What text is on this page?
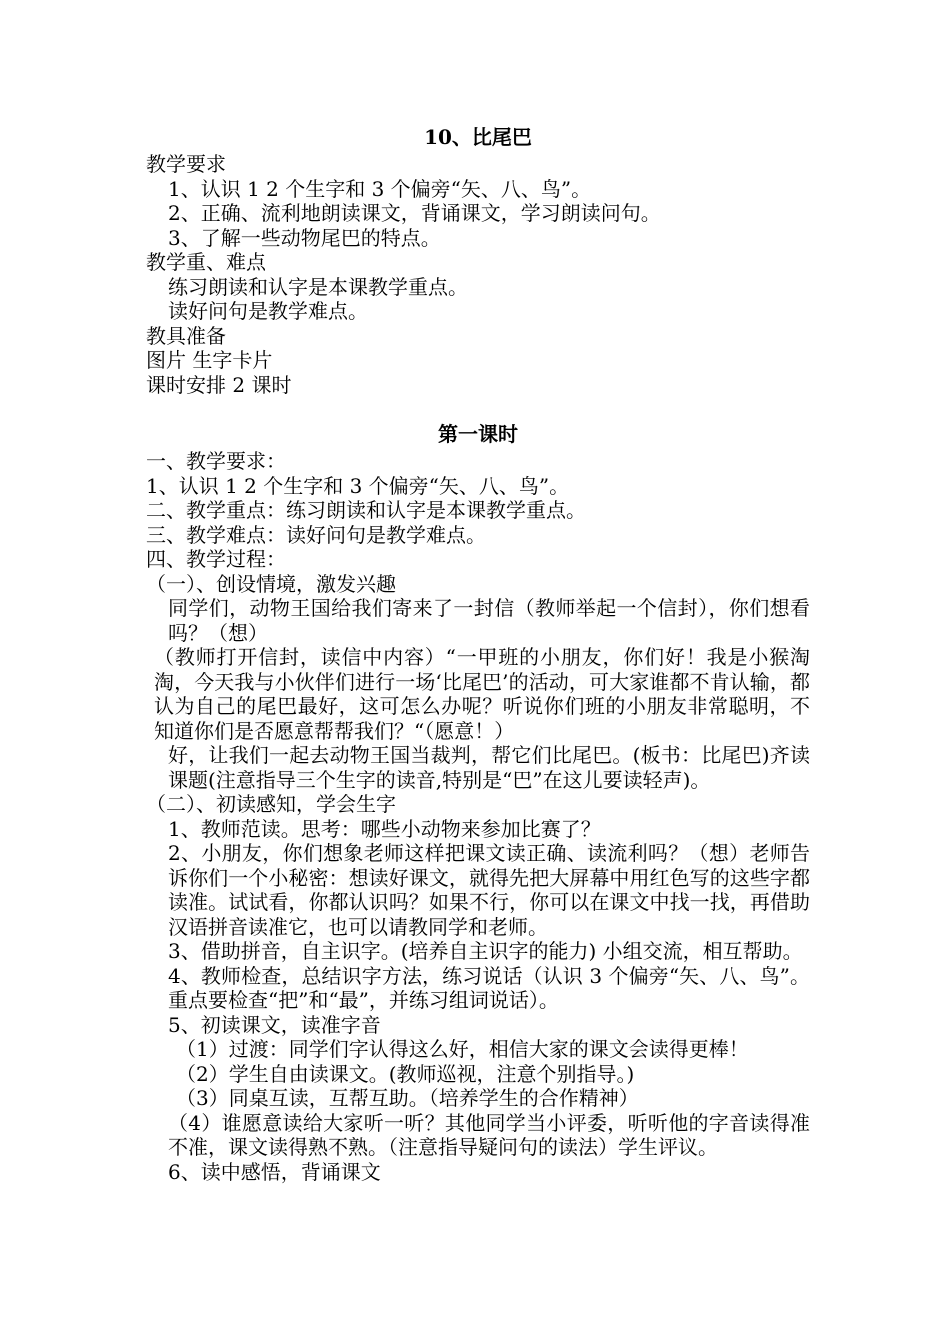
10、比尾巴
教学要求
1、认识 1 2 个生字和 3 个偏旁“矢、八、鸟”。
2、正确、流利地朗读课文，背诵课文，学习朗读问句。
3、了解一些动物尾巴的特点。
教学重、难点
练习朗读和认字是本课教学重点。
读好问句是教学难点。
教具准备
图片 生字卡片
课时安排 2 课时
第一课时
一、教学要求：
1、认识 1 2 个生字和 3 个偏旁“矢、八、鸟”。
二、教学重点：练习朗读和认字是本课教学重点。
三、教学难点：读好问句是教学难点。
四、教学过程：
（一）、创设情境，激发兴趣
同学们，动物王国给我们寄来了一封信（教师举起一个信封），你们想看吗？（想）
（教师打开信封，读信中内容）“一甲班的小朋友，你们好！我是小猴淘淘，今天我与小伙伴们进行一场‘比尾巴’的活动，可大家谁都不肯认输，都认为自己的尾巴最好，这可怎么办呢？听说你们班的小朋友非常聪明，不知道你们是否愿意帮帮我们？“（愿意！）
好，让我们一起去动物王国当裁判，帮它们比尾巴。(板书：比尾巴)齐读课题(注意指导三个生字的读音,特别是“巴”在这儿要读轻声)。
（二）、初读感知，学会生字
1、教师范读。思考：哪些小动物来参加比赛了？
2、小朋友，你们想象老师这样把课文读正确、读流利吗？（想）老师告诉你们一个小秘密：想读好课文，就得先把大屏幕中用红色写的这些字都读准。试试看，你都认识吗？如果不行，你可以在课文中找一找，再借助汉语拼音读准它，也可以请教同学和老师。
3、借助拼音，自主识字。(培养自主识字的能力) 小组交流，相互帮助。
4、教师检查，总结识字方法，练习说话（认识 3 个偏旁“矢、八、鸟”。重点要检查“把”和“最”，并练习组词说话）。
5、初读课文，读准字音
（1）过渡：同学们字认得这么好，相信大家的课文会读得更棒！
（2）学生自由读课文。(教师巡视，注意个别指导。)
（3）同桌互读，互帮互助。（培养学生的合作精神）
（4）谁愿意读给大家听一听？其他同学当小评委，听听他的字音读得准不准，课文读得熟不熟。（注意指导疑问句的读法）学生评议。
6、读中感悟，背诵课文
